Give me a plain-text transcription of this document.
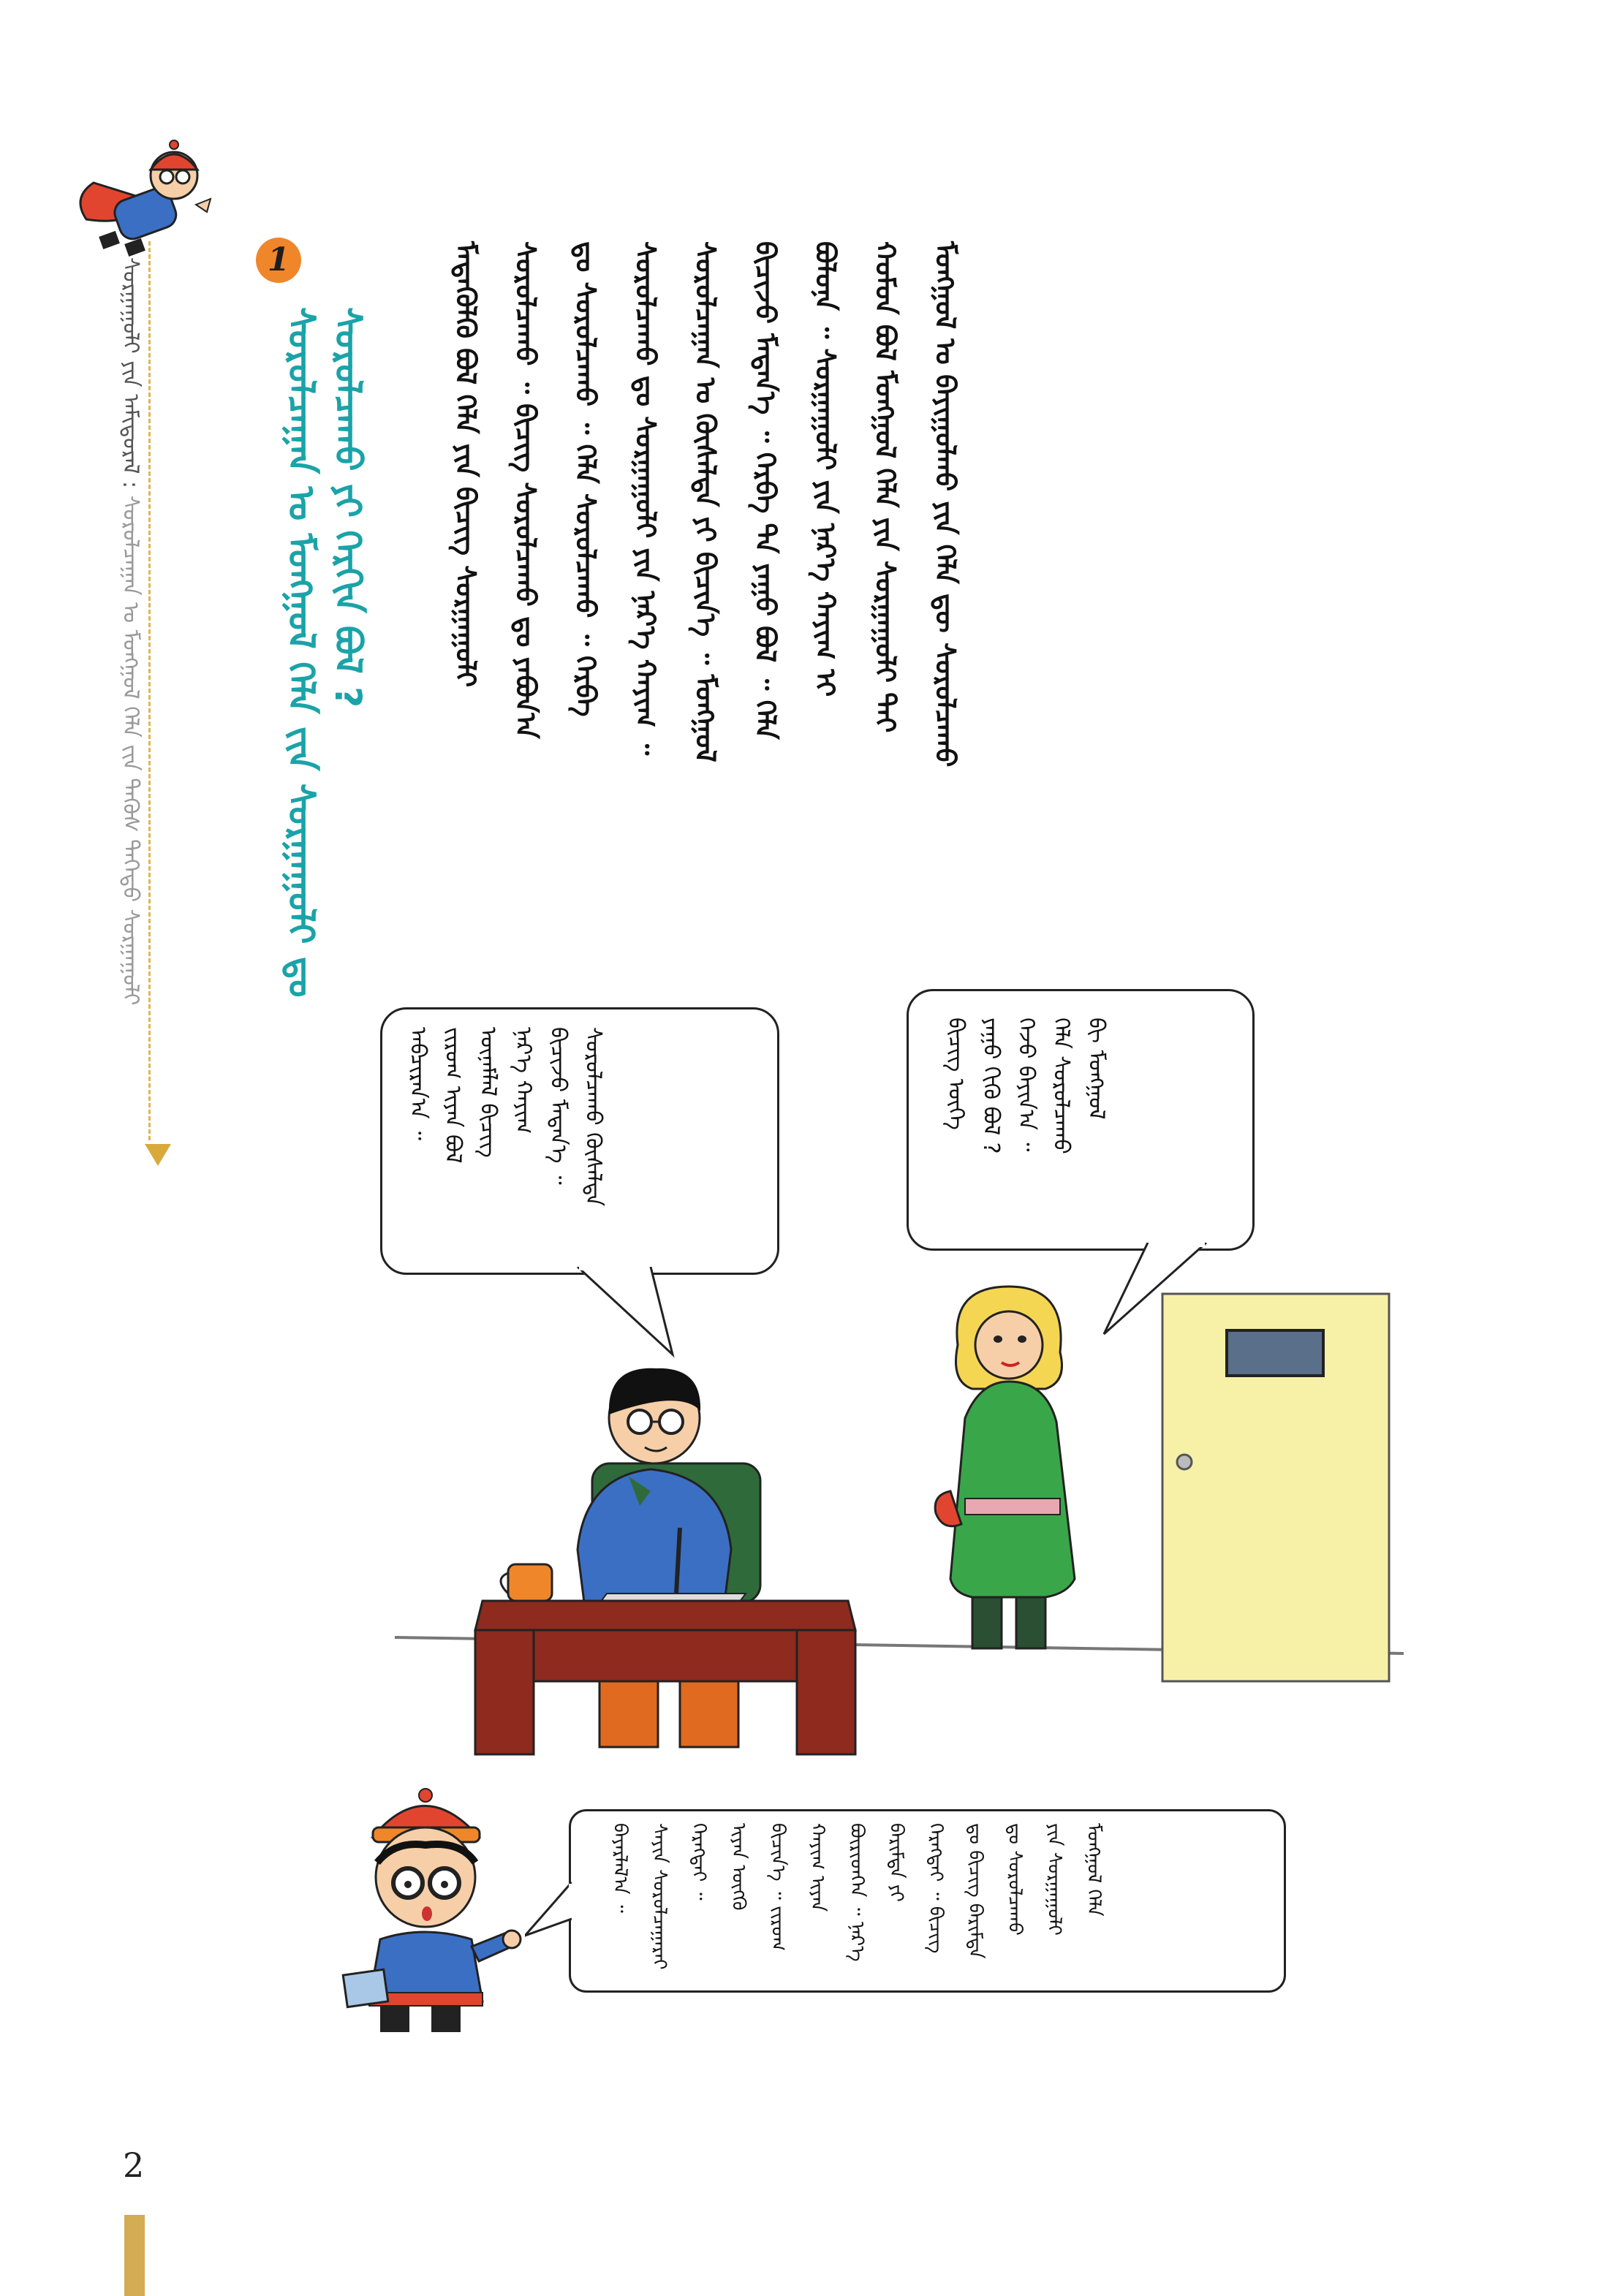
ᠰᠤᠷᠭᠠᠭᠤᠯᠢ ᠶᠢᠨ ᠠᠮᠢᠳᠤᠷᠠᠯ : ᠰᠤᠷᠤᠯᠴᠠᠭᠠᠨ ᠤ ᠮᠣᠩᠭᠣᠯ ᠬᠡᠯᠡ ᠵᠢᠨ ᠲᠡᠭᠦᠰ ᠳᠡᠭᠡᠳᠦ ᠰᠤᠷᠭᠠᠭᠤᠯᠢ
1
ᠰᠤᠷᠤᠯᠴᠠᠭᠠᠨ ᠤ ᠮᠣᠩᠭᠣᠯ ᠬᠡᠯᠡ ᠵᠢᠨ ᠰᠤᠷᠭᠠᠭᠤᠯᠢ ᠳᠤ ᠰᠤᠷᠤᠯᠴᠠᠬᠤ ᠶᠢ ᠬᠡᠷᠬᠢᠨ ᠪᠣᠯ ?	ᠮᠡᠳᠡᠭᠦᠯᠬᠦ ᠪᠣᠯ ᠬᠡᠯᠡ ᠶᠢᠨ ᠪᠢᠴᠢᠭ ᠰᠤᠷᠭᠠᠭᠤᠯᠢ	ᠰᠤᠷᠤᠯᠴᠠᠬᠤ ᠃ ᠪᠢᠴᠢᠭ ᠰᠤᠷᠤᠯᠴᠠᠬᠤ ᠳᠤ ᠶᠠᠪᠤᠨ᠎ᠠ	ᠳᠤ ᠰᠤᠷᠤᠯᠴᠠᠬᠤ ᠃ ᠬᠡᠯᠡ ᠰᠤᠷᠤᠯᠴᠠᠬᠤ ᠃ ᠬᠡᠷᠪᠡ	ᠰᠤᠷᠤᠯᠴᠠᠬᠤ ᠳᠤ ᠰᠤᠷᠭᠠᠭᠤᠯᠢ ᠶᠢᠨ ᠨᠡᠷ᠎ᠡ ᠬᠠᠶᠢᠭ ᠃	ᠰᠤᠷᠤᠯᠴᠠᠭᠠᠨ ᠤ ᠬᠦᠰᠡᠯᠲᠡ ᠶᠢ ᠪᠢᠴᠢᠨ᠎ᠡ ᠃ ᠮᠣᠩᠭᠣᠯ	ᠪᠢᠴᠢᠵᠦ ᠮᠡᠳᠡᠨ᠎ᠡ ᠃ ᠬᠡᠷᠪᠡ ᠲᠠ ᠶᠠᠭᠤ ᠪᠣᠯ ᠃ ᠬᠡᠯᠡ	ᠪᠣᠯᠤᠨᠠ ᠃ ᠰᠤᠷᠭᠠᠭᠤᠯᠢ ᠶᠢᠨ ᠨᠡᠷ᠎ᠡ ᠬᠠᠶᠢᠭ ᠢ	ᠬᠤᠮᠤᠨ ᠪᠣᠯ ᠮᠣᠩᠭᠣᠯ ᠬᠡᠯᠡ ᠶᠢᠨ ᠰᠤᠷᠭᠠᠭᠤᠯᠢ ᠲᠠᠢ	ᠮᠣᠩᠭᠣᠯ ᠤ ᠪᠠᠶᠢᠭᠤᠯᠬᠤ ᠶᠢᠨ ᠬᠡᠯᠡ ᠳᠦ ᠰᠤᠷᠤᠯᠴᠠᠬᠤ
ᠠᠪᠴᠢᠷᠠᠨ᠎ᠠ ᠃ ᠵᠢᠷᠤᠭ ᠢᠶᠡᠨ ᠪᠣᠯ ᠦᠨᠡᠮᠯᠡᠯ ᠪᠢᠴᠢᠭ ᠨᠡᠷ᠎ᠡ ᠬᠠᠶᠢᠭ ᠪᠢᠴᠢᠵᠦ ᠮᠡᠳᠡᠨ᠎ᠡ ᠃ ᠰᠤᠷᠤᠯᠴᠠᠬᠤ ᠬᠦᠰᠡᠯᠲᠡ	ᠪᠢᠴᠢᠭ ᠦᠭᠡ ᠶᠠᠭᠤ ᠬᠢᠬᠦ ᠪᠣᠯ ? ᠭᠡᠵᠦ ᠪᠠᠶᠢᠨ᠎ᠠ ᠃ ᠬᠡᠯᠡ ᠰᠤᠷᠤᠯᠴᠠᠬᠤ ᠪᠢ ᠮᠣᠩᠭᠣᠯ
ᠪᠠᠶᠠᠷᠯᠠᠯ᠎ᠠ ᠃ ᠰᠠᠶᠢᠨ ᠰᠤᠷᠤᠯᠴᠠᠭᠠᠷᠠᠢ ᠬᠡᠷᠡᠭᠲᠡᠢ ᠃ ᠢᠶᠡᠨ ᠥᠭᠬᠦ ᠪᠢᠴᠢᠨ᠎ᠡ ᠃ ᠵᠢᠷᠤᠭ ᠬᠠᠶᠢᠭ ᠢᠶᠡᠨ ᠪᠦᠷᠢᠳᠬᠡᠨ ᠃ ᠨᠡᠷ᠎ᠡ ᠪᠠᠷᠢᠮᠲᠠ ᠶᠢ ᠬᠡᠷᠡᠭᠲᠡᠢ ᠃ ᠪᠢᠴᠢᠭ ᠳᠤ ᠪᠢᠴᠢᠭ ᠪᠠᠷᠢᠮᠲᠠ ᠳᠤ ᠰᠤᠷᠤᠯᠴᠠᠬᠤ ᠶᠢᠨ ᠰᠤᠷᠭᠠᠭᠤᠯᠢ ᠮᠣᠩᠭᠣᠯ ᠬᠡᠯᠡ
2
